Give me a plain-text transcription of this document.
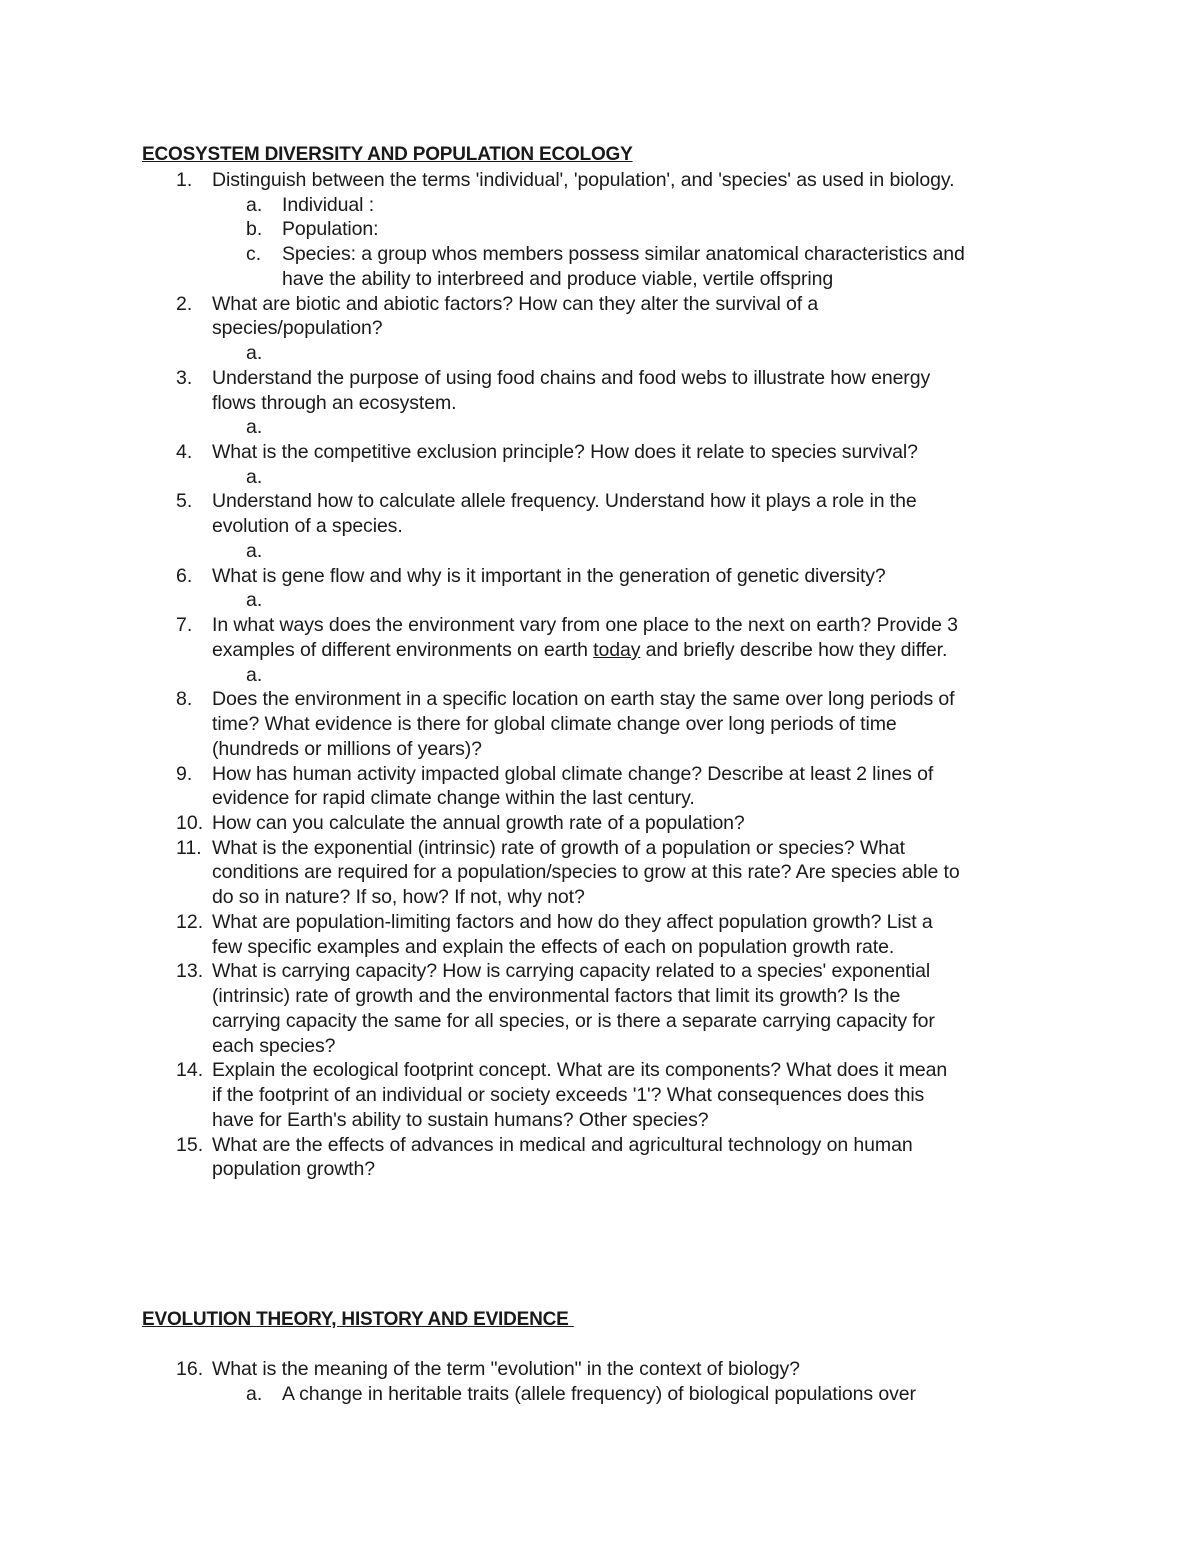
ECOSYSTEM DIVERSITY AND POPULATION ECOLOGY
1. Distinguish between the terms 'individual', 'population', and 'species' as used in biology.
a. Individual :
b. Population:
c. Species: a group whos members possess similar anatomical characteristics and
have the ability to interbreed and produce viable, vertile offspring
2. What are biotic and abiotic factors? How can they alter the survival of a
species/population?
a.
3. Understand the purpose of using food chains and food webs to illustrate how energy
flows through an ecosystem.
a.
4. What is the competitive exclusion principle? How does it relate to species survival?
a.
5. Understand how to calculate allele frequency. Understand how it plays a role in the
evolution of a species.
a.
6. What is gene flow and why is it important in the generation of genetic diversity?
a.
7. In what ways does the environment vary from one place to the next on earth? Provide 3
examples of different environments on earth today and briefly describe how they differ.
a.
8. Does the environment in a specific location on earth stay the same over long periods of
time? What evidence is there for global climate change over long periods of time
(hundreds or millions of years)?
9. How has human activity impacted global climate change? Describe at least 2 lines of
evidence for rapid climate change within the last century.
10. How can you calculate the annual growth rate of a population?
11. What is the exponential (intrinsic) rate of growth of a population or species? What
conditions are required for a population/species to grow at this rate? Are species able to
do so in nature? If so, how? If not, why not?
12. What are population-limiting factors and how do they affect population growth? List a
few specific examples and explain the effects of each on population growth rate.
13. What is carrying capacity? How is carrying capacity related to a species' exponential
(intrinsic) rate of growth and the environmental factors that limit its growth? Is the
carrying capacity the same for all species, or is there a separate carrying capacity for
each species?
14. Explain the ecological footprint concept. What are its components? What does it mean
if the footprint of an individual or society exceeds '1'? What consequences does this
have for Earth's ability to sustain humans? Other species?
15. What are the effects of advances in medical and agricultural technology on human
population growth?
EVOLUTION THEORY, HISTORY AND EVIDENCE
16. What is the meaning of the term "evolution" in the context of biology?
a. A change in heritable traits (allele frequency) of biological populations over
